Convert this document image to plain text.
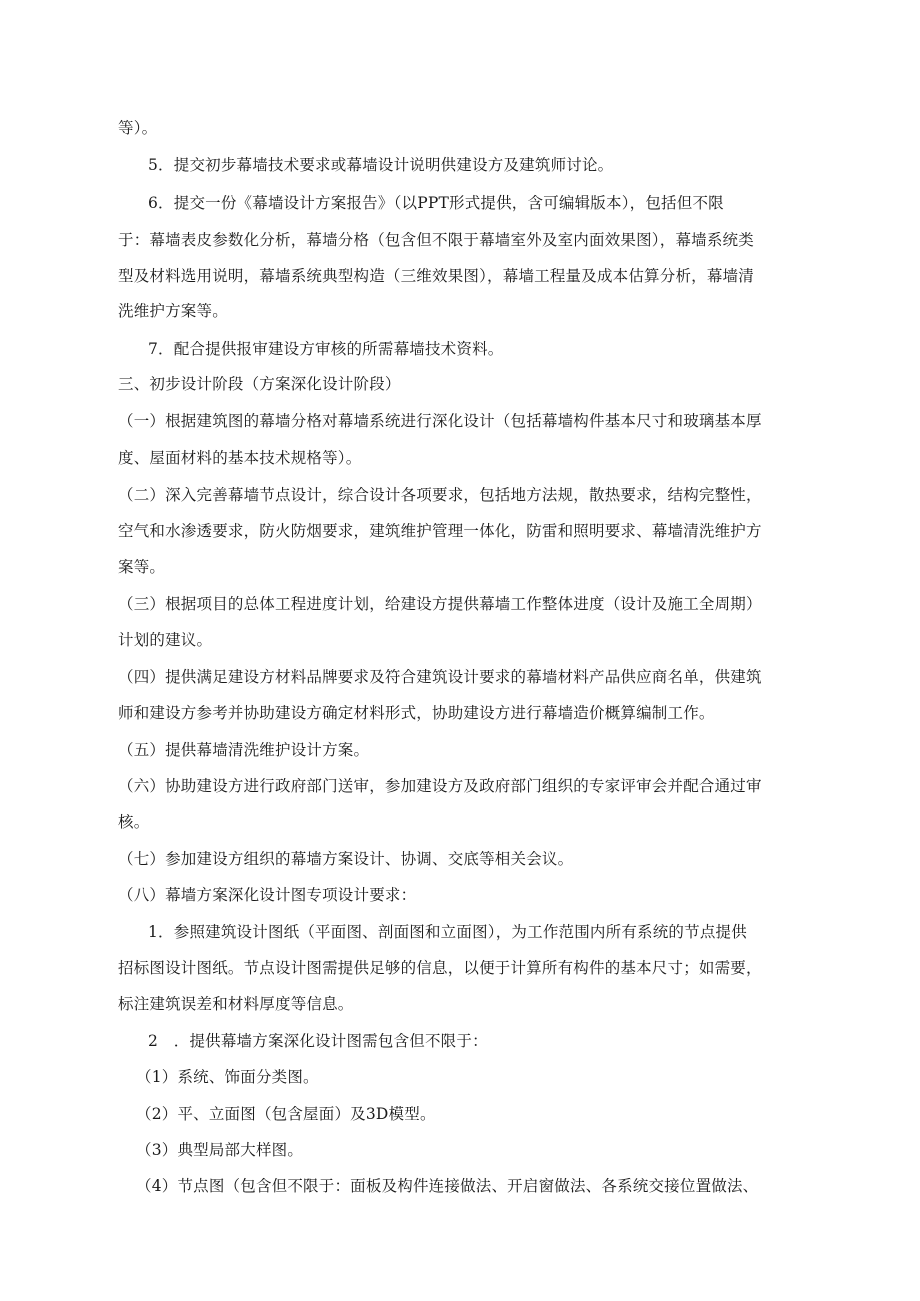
等）。

5．提交初步幕墙技术要求或幕墙设计说明供建设方及建筑师讨论。

6．提交一份《幕墙设计方案报告》（以PPT形式提供，含可编辑版本），包括但不限

于：幕墙表皮参数化分析，幕墙分格（包含但不限于幕墙室外及室内面效果图），幕墙系统类

型及材料选用说明，幕墙系统典型构造（三维效果图），幕墙工程量及成本估算分析，幕墙清

洗维护方案等。

7．配合提供报审建设方审核的所需幕墙技术资料。

三、初步设计阶段（方案深化设计阶段）

（一）根据建筑图的幕墙分格对幕墙系统进行深化设计（包括幕墙构件基本尺寸和玻璃基本厚

度、屋面材料的基本技术规格等）。

（二）深入完善幕墙节点设计，综合设计各项要求，包括地方法规，散热要求，结构完整性，

空气和水渗透要求，防火防烟要求，建筑维护管理一体化，防雷和照明要求、幕墙清洗维护方

案等。

（三）根据项目的总体工程进度计划，给建设方提供幕墙工作整体进度（设计及施工全周期）

计划的建议。

（四）提供满足建设方材料品牌要求及符合建筑设计要求的幕墙材料产品供应商名单，供建筑

师和建设方参考并协助建设方确定材料形式，协助建设方进行幕墙造价概算编制工作。

（五）提供幕墙清洗维护设计方案。

（六）协助建设方进行政府部门送审，参加建设方及政府部门组织的专家评审会并配合通过审

核。

（七）参加建设方组织的幕墙方案设计、协调、交底等相关会议。

（八）幕墙方案深化设计图专项设计要求：

1．参照建筑设计图纸（平面图、剖面图和立面图），为工作范围内所有系统的节点提供

招标图设计图纸。节点设计图需提供足够的信息，以便于计算所有构件的基本尺寸；如需要，

标注建筑误差和材料厚度等信息。

2　．提供幕墙方案深化设计图需包含但不限于：

（1）系统、饰面分类图。

（2）平、立面图（包含屋面）及3D模型。

（3）典型局部大样图。

（4）节点图（包含但不限于：面板及构件连接做法、开启窗做法、各系统交接位置做法、
